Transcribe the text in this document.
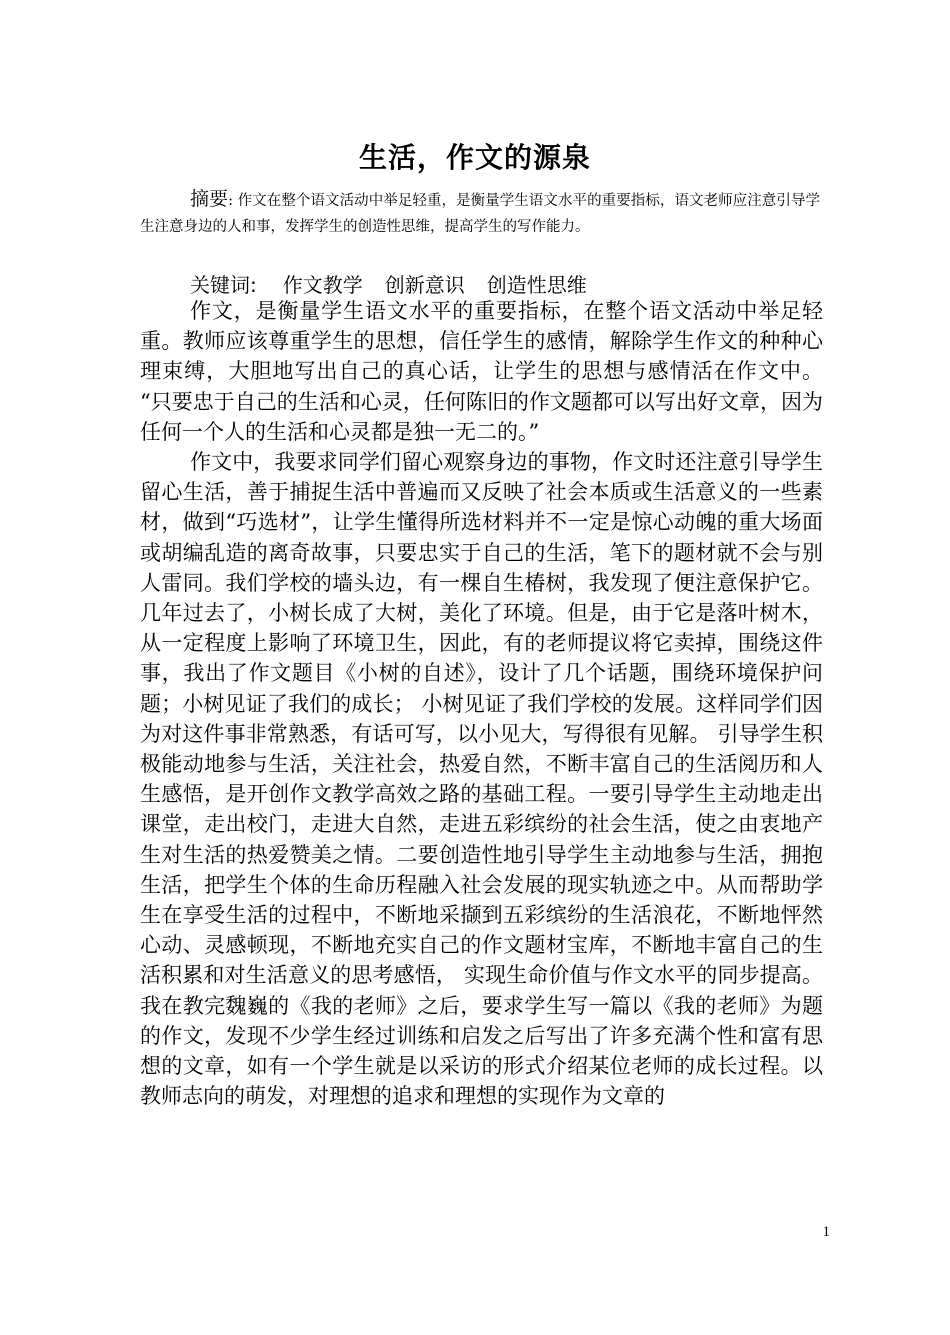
生活，作文的源泉
摘要: 作文在整个语文活动中举足轻重，是衡量学生语文水平的重要指标，语文老师应注意引导学生注意身边的人和事，发挥学生的创造性思维，提高学生的写作能力。
关键词: 作文教学 创新意识 创造性思维

作文，是衡量学生语文水平的重要指标，在整个语文活动中举足轻重。教师应该尊重学生的思想，信任学生的感情，解除学生作文的种种心理束缚，大胆地写出自己的真心话，让学生的思想与感情活在作文中。 “只要忠于自己的生活和心灵，任何陈旧的作文题都可以写出好文章，因为任何一个人的生活和心灵都是独一无二的。”

作文中，我要求同学们留心观察身边的事物，作文时还注意引导学生留心生活，善于捕捉生活中普遍而又反映了社会本质或生活意义的一些素材，做到“巧选材”，让学生懂得所选材料并不一定是惊心动魄的重大场面或胡编乱造的离奇故事，只要忠实于自己的生活，笔下的题材就不会与别人雷同。我们学校的墙头边，有一棵自生椿树，我发现了便注意保护它。几年过去了，小树长成了大树，美化了环境。但是，由于它是落叶树木，从一定程度上影响了环境卫生，因此，有的老师提议将它卖掉，围绕这件事，我出了作文题目《小树的自述》，设计了几个话题，围绕环境保护问题；小树见证了我们的成长； 小树见证了我们学校的发展。这样同学们因为对这件事非常熟悉，有话可写，以小见大，写得很有见解。 引导学生积极能动地参与生活，关注社会，热爱自然，不断丰富自己的生活阅历和人生感悟，是开创作文教学高效之路的基础工程。一要引导学生主动地走出课堂，走出校门，走进大自然，走进五彩缤纷的社会生活，使之由衷地产生对生活的热爱赞美之情。二要创造性地引导学生主动地参与生活，拥抱生活，把学生个体的生命历程融入社会发展的现实轨迹之中。从而帮助学生在享受生活的过程中，不断地采撷到五彩缤纷的生活浪花，不断地怦然心动、灵感顿现，不断地充实自己的作文题材宝库，不断地丰富自己的生活积累和对生活意义的思考感悟， 实现生命价值与作文水平的同步提高。我在教完魏巍的《我的老师》之后，要求学生写一篇以《我的老师》为题的作文，发现不少学生经过训练和启发之后写出了许多充满个性和富有思想的文章，如有一个学生就是以采访的形式介绍某位老师的成长过程。以教师志向的萌发，对理想的追求和理想的实现作为文章的

1
